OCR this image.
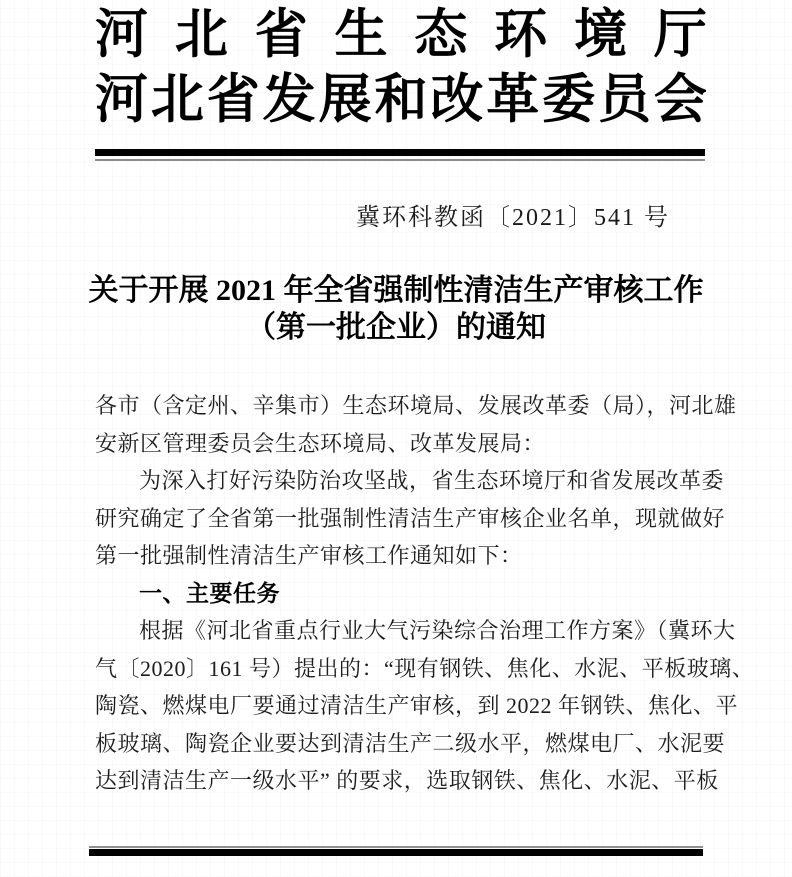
河 北 省 生 态 环 境 厅
河 北 省 发 展 和 改 革 委 员 会
冀环科教函〔2021〕541 号
关于开展 2021 年全省强制性清洁生产审核工作
（第一批企业）的通知

各市（含定州、辛集市）生态环境局、发展改革委（局），河北雄

安新区管理委员会生态环境局、改革发展局：

为深入打好污染防治攻坚战，省生态环境厅和省发展改革委

研究确定了全省第一批强制性清洁生产审核企业名单，现就做好

第一批强制性清洁生产审核工作通知如下：

一、主要任务

根据《河北省重点行业大气污染综合治理工作方案》（冀环大

气〔2020〕161 号）提出的：“现有钢铁、焦化、水泥、平板玻璃、

陶瓷、燃煤电厂要通过清洁生产审核，到 2022 年钢铁、焦化、平

板玻璃、陶瓷企业要达到清洁生产二级水平，燃煤电厂、水泥要

达到清洁生产一级水平” 的要求，选取钢铁、焦化、水泥、平板
